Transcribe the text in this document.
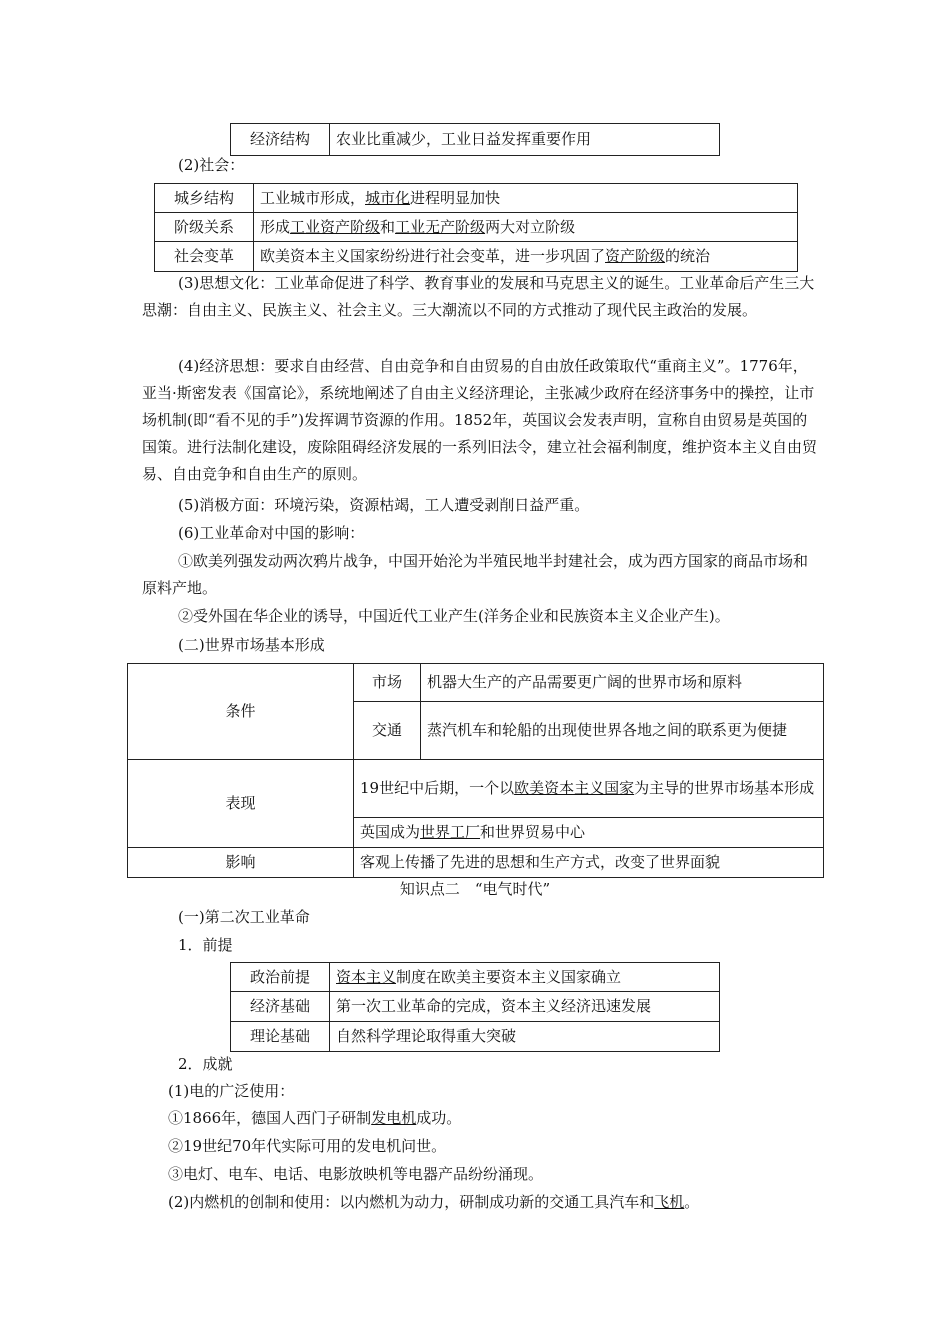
经济结构	农业比重减少，工业日益发挥重要作用

(2)社会：

城乡结构	工业城市形成，城市化进程明显加快
阶级关系	形成工业资产阶级和工业无产阶级两大对立阶级
社会变革	欧美资本主义国家纷纷进行社会变革，进一步巩固了资产阶级的统治

(3)思想文化：工业革命促进了科学、教育事业的发展和马克思主义的诞生。工业革命后产生三大思潮：自由主义、民族主义、社会主义。三大潮流以不同的方式推动了现代民主政治的发展。

(4)经济思想：要求自由经营、自由竞争和自由贸易的自由放任政策取代“重商主义”。1776年，亚当·斯密发表《国富论》，系统地阐述了自由主义经济理论，主张减少政府在经济事务中的操控，让市场机制(即“看不见的手”)发挥调节资源的作用。1852年，英国议会发表声明，宣称自由贸易是英国的国策。进行法制化建设，废除阻碍经济发展的一系列旧法令，建立社会福利制度，维护资本主义自由贸易、自由竞争和自由生产的原则。

(5)消极方面：环境污染，资源枯竭，工人遭受剥削日益严重。

(6)工业革命对中国的影响：

①欧美列强发动两次鸦片战争，中国开始沦为半殖民地半封建社会，成为西方国家的商品市场和原料产地。

②受外国在华企业的诱导，中国近代工业产生(洋务企业和民族资本主义企业产生)。

(二)世界市场基本形成

条件	市场	机器大生产的产品需要更广阔的世界市场和原料
	交通	蒸汽机车和轮船的出现使世界各地之间的联系更为便捷
表现	19世纪中后期，一个以欧美资本主义国家为主导的世界市场基本形成	
	英国成为世界工厂和世界贸易中心	
影响	客观上传播了先进的思想和生产方式，改变了世界面貌	

知识点二　“电气时代”

(一)第二次工业革命

1．前提

政治前提	资本主义制度在欧美主要资本主义国家确立
经济基础	第一次工业革命的完成，资本主义经济迅速发展
理论基础	自然科学理论取得重大突破

2．成就

(1)电的广泛使用：

①1866年，德国人西门子研制发电机成功。

②19世纪70年代实际可用的发电机问世。

③电灯、电车、电话、电影放映机等电器产品纷纷涌现。

(2)内燃机的创制和使用：以内燃机为动力，研制成功新的交通工具汽车和飞机。
